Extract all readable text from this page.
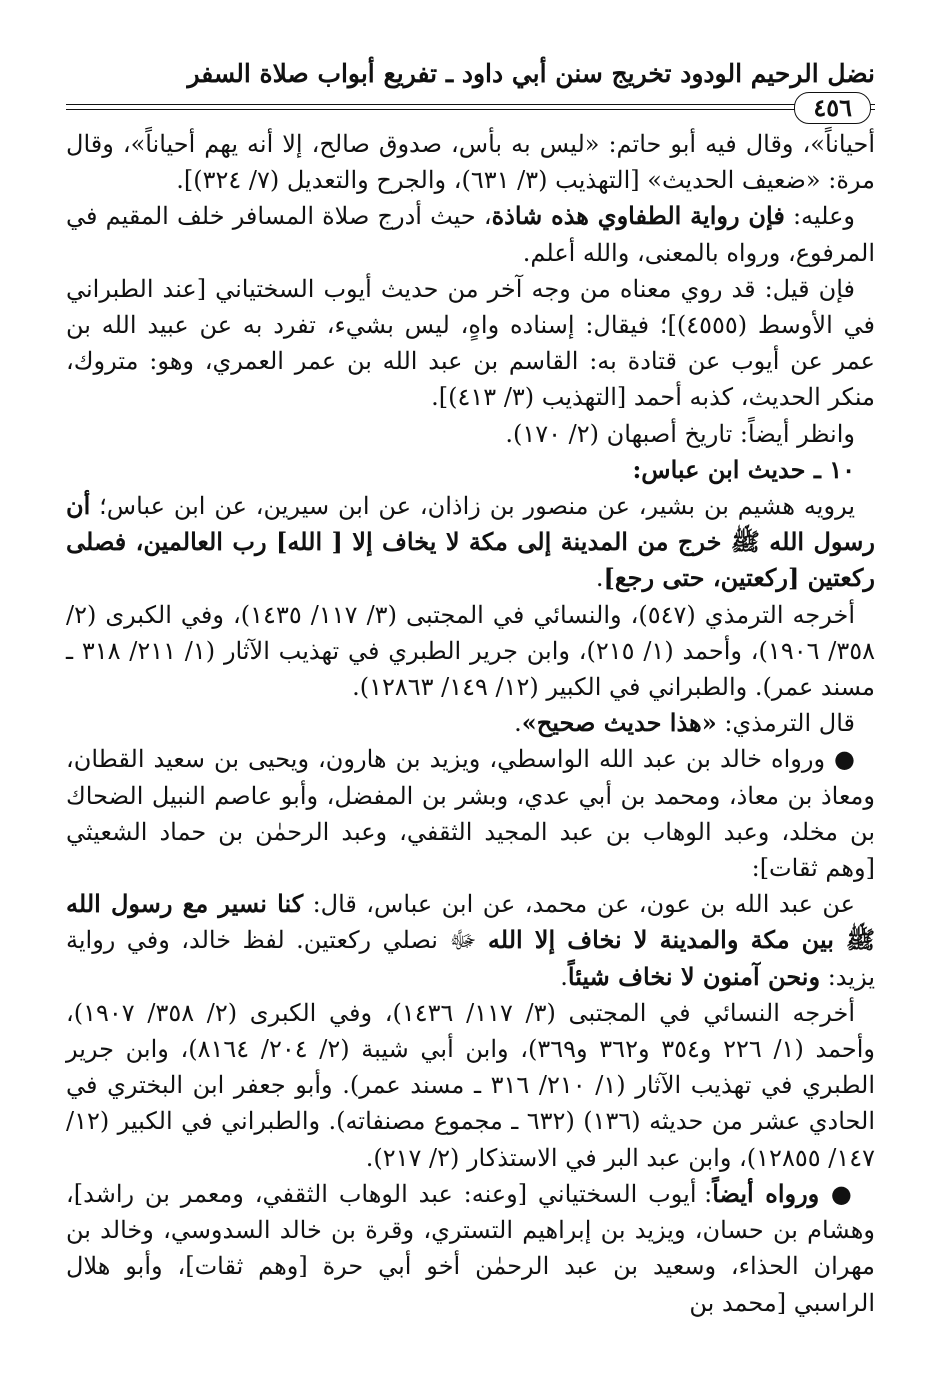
نضل الرحيم الودود تخريج سنن أبي داود ـ تفريع أبواب صلاة السفر
٤٥٦

أحياناً»، وقال فيه أبو حاتم: «ليس به بأس، صدوق صالح، إلا أنه يهم أحياناً»، وقال مرة: «ضعيف الحديث» [التهذيب (٣/ ٦٣١)، والجرح والتعديل (٧/ ٣٢٤)].

وعليه: فإن رواية الطفاوي هذه شاذة، حيث أدرج صلاة المسافر خلف المقيم في المرفوع، ورواه بالمعنى، والله أعلم.

فإن قيل: قد روي معناه من وجه آخر من حديث أيوب السختياني [عند الطبراني في الأوسط (٤٥٥٥)]؛ فيقال: إسناده واهٍ، ليس بشيء، تفرد به عن عبيد الله بن عمر عن أيوب عن قتادة به: القاسم بن عبد الله بن عمر العمري، وهو: متروك، منكر الحديث، كذبه أحمد [التهذيب (٣/ ٤١٣)].

وانظر أيضاً: تاريخ أصبهان (٢/ ١٧٠).

١٠ ـ حديث ابن عباس:

يرويه هشيم بن بشير، عن منصور بن زاذان، عن ابن سيرين، عن ابن عباس؛ أن رسول الله ﷺ خرج من المدينة إلى مكة لا يخاف إلا [ الله] رب العالمين، فصلى ركعتين [ركعتين، حتى رجع].

أخرجه الترمذي (٥٤٧)، والنسائي في المجتبى (٣/ ١١٧/ ١٤٣٥)، وفي الكبرى (٢/ ٣٥٨/ ١٩٠٦)، وأحمد (١/ ٢١٥)، وابن جرير الطبري في تهذيب الآثار (١/ ٢١١/ ٣١٨ ـ مسند عمر). والطبراني في الكبير (١٢/ ١٤٩/ ١٢٨٦٣).

قال الترمذي: «هذا حديث صحيح».

● ورواه خالد بن عبد الله الواسطي، ويزيد بن هارون، ويحيى بن سعيد القطان، ومعاذ بن معاذ، ومحمد بن أبي عدي، وبشر بن المفضل، وأبو عاصم النبيل الضحاك بن مخلد، وعبد الوهاب بن عبد المجيد الثقفي، وعبد الرحمٰن بن حماد الشعيثي [وهم ثقات]:

عن عبد الله بن عون، عن محمد، عن ابن عباس، قال: كنا نسير مع رسول الله ﷺ بين مكة والمدينة لا نخاف إلا الله ﷻ نصلي ركعتين. لفظ خالد، وفي رواية يزيد: ونحن آمنون لا نخاف شيئاً.

أخرجه النسائي في المجتبى (٣/ ١١٧/ ١٤٣٦)، وفي الكبرى (٢/ ٣٥٨/ ١٩٠٧)، وأحمد (١/ ٢٢٦ و٣٥٤ و٣٦٢ و٣٦٩)، وابن أبي شيبة (٢/ ٢٠٤/ ٨١٦٤)، وابن جرير الطبري في تهذيب الآثار (١/ ٢١٠/ ٣١٦ ـ مسند عمر). وأبو جعفر ابن البختري في الحادي عشر من حديثه (١٣٦) (٦٣٢ ـ مجموع مصنفاته). والطبراني في الكبير (١٢/ ١٤٧/ ١٢٨٥٥)، وابن عبد البر في الاستذكار (٢/ ٢١٧).

● ورواه أيضاً: أيوب السختياني [وعنه: عبد الوهاب الثقفي، ومعمر بن راشد]، وهشام بن حسان، ويزيد بن إبراهيم التستري، وقرة بن خالد السدوسي، وخالد بن مهران الحذاء، وسعيد بن عبد الرحمٰن أخو أبي حرة [وهم ثقات]، وأبو هلال الراسبي [محمد بن
